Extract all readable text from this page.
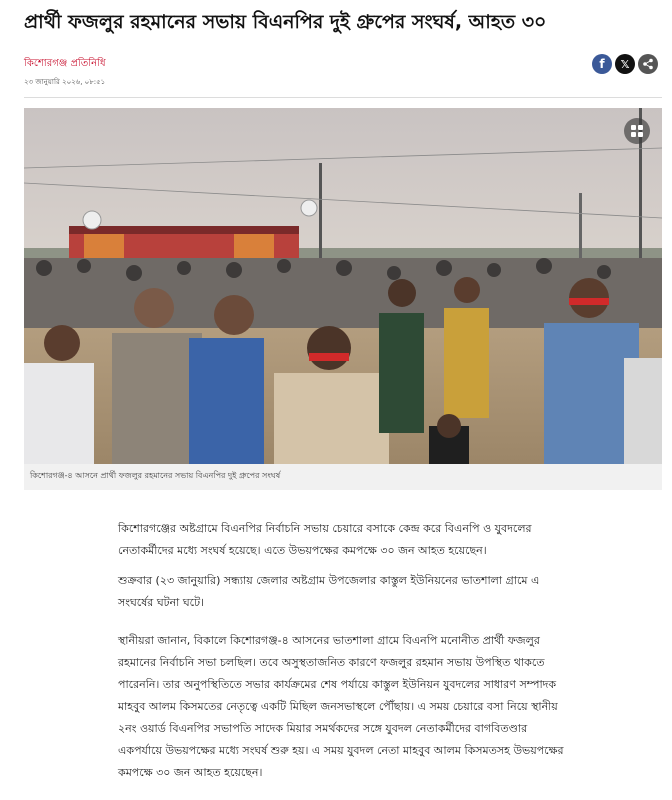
প্রার্থী ফজলুর রহমানের সভায় বিএনপির দুই গ্রুপের সংঘর্ষ, আহত ৩০
কিশোরগঞ্জ প্রতিনিধি
২৩ জানুয়ারি ২০২৬, ০৮:৫১
f 𝕏
কিশোরগঞ্জ-৪ আসনে প্রার্থী ফজলুর রহমানের সভায় বিএনপির দুই গ্রুপের সংঘর্ষ

কিশোরগঞ্জের অষ্টগ্রামে বিএনপির নির্বাচনি সভায় চেয়ারে বসাকে কেন্দ্র করে বিএনপি ও যুবদলের নেতাকর্মীদের মধ্যে সংঘর্ষ হয়েছে। এতে উভয়পক্ষের কমপক্ষে ৩০ জন আহত হয়েছেন।

শুক্রবার (২৩ জানুয়ারি) সন্ধ্যায় জেলার অষ্টগ্রাম উপজেলার কাস্তুল ইউনিয়নের ভাতশালা গ্রামে এ সংঘর্ষের ঘটনা ঘটে।

স্থানীয়রা জানান, বিকালে কিশোরগঞ্জ-৪ আসনের ভাতশালা গ্রামে বিএনপি মনোনীত প্রার্থী ফজলুর রহমানের নির্বাচনি সভা চলছিল। তবে অসুস্থতাজনিত কারণে ফজলুর রহমান সভায় উপস্থিত থাকতে পারেননি। তার অনুপস্থিতিতে সভার কার্যক্রমের শেষ পর্যায়ে কাস্তুল ইউনিয়ন যুবদলের সাধারণ সম্পাদক মাহবুব আলম কিসমতের নেতৃত্বে একটি মিছিল জনসভাস্থলে পৌঁছায়। এ সময় চেয়ারে বসা নিয়ে স্থানীয় ২নং ওয়ার্ড বিএনপির সভাপতি সাদেক মিয়ার সমর্থকদের সঙ্গে যুবদল নেতাকর্মীদের বাগবিতণ্ডার একপর্যায়ে উভয়পক্ষের মধ্যে সংঘর্ষ শুরু হয়। এ সময় যুবদল নেতা মাহবুব আলম কিসমতসহ উভয়পক্ষের কমপক্ষে ৩০ জন আহত হয়েছেন।
